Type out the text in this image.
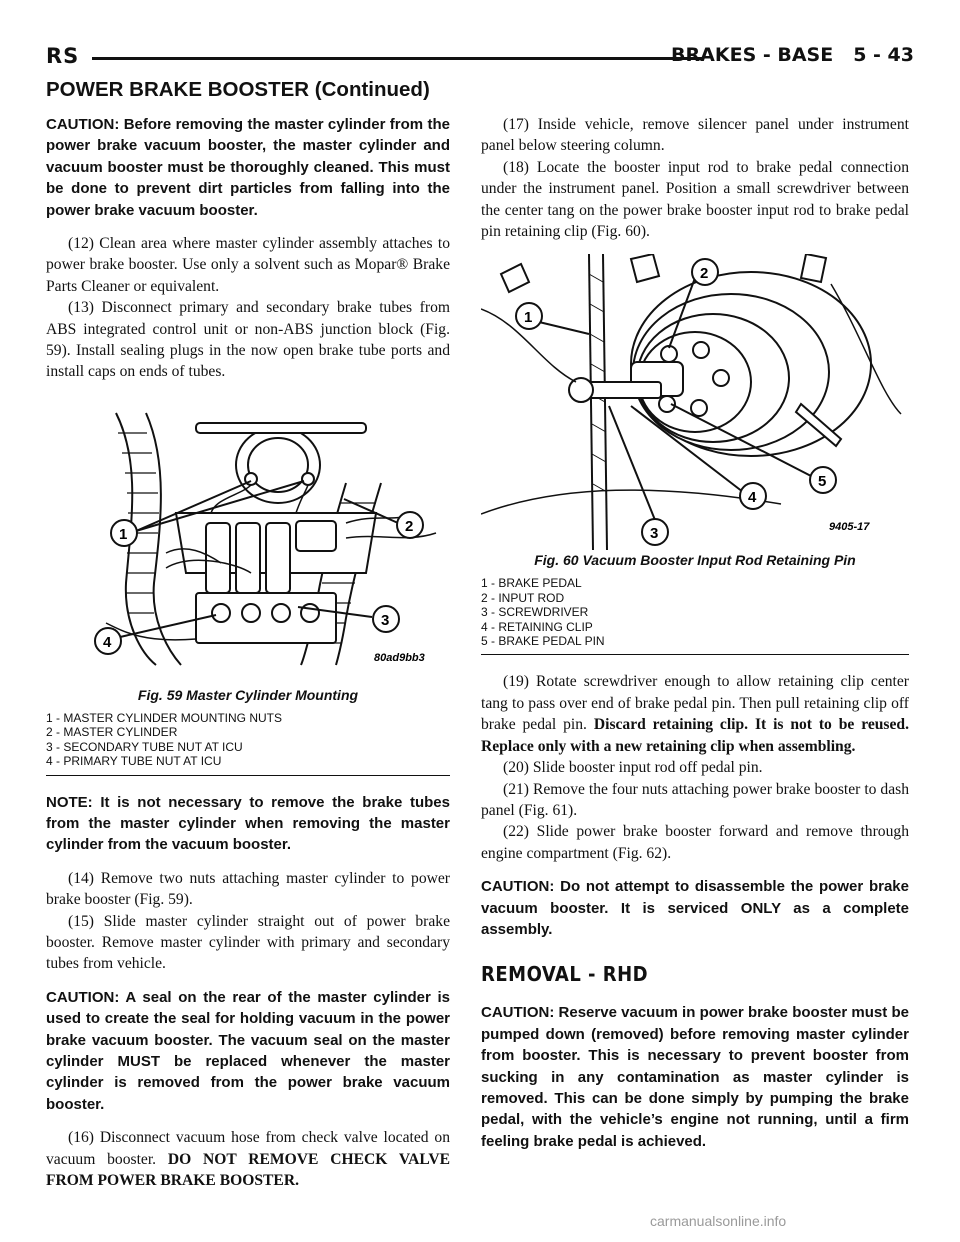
RS	BRAKES - BASE 5 - 43
POWER BRAKE BOOSTER (Continued)

CAUTION: Before removing the master cylinder from the power brake vacuum booster, the master cylinder and vacuum booster must be thoroughly cleaned. This must be done to prevent dirt particles from falling into the power brake vacuum booster.

(12) Clean area where master cylinder assembly attaches to power brake booster. Use only a solvent such as Mopar® Brake Parts Cleaner or equivalent.

(13) Disconnect primary and secondary brake tubes from ABS integrated control unit or non-ABS junction block (Fig. 59). Install sealing plugs in the now open brake tube ports and install caps on ends of tubes.

1	2
3
4
80ad9bb3
Fig. 59 Master Cylinder Mounting

1 - MASTER CYLINDER MOUNTING NUTS

2 - MASTER CYLINDER

3 - SECONDARY TUBE NUT AT ICU

4 - PRIMARY TUBE NUT AT ICU

NOTE: It is not necessary to remove the brake tubes from the master cylinder when removing the master cylinder from the vacuum booster.

(14) Remove two nuts attaching master cylinder to power brake booster (Fig. 59).

(15) Slide master cylinder straight out of power brake booster. Remove master cylinder with primary and secondary tubes from vehicle.

CAUTION: A seal on the rear of the master cylinder is used to create the seal for holding vacuum in the power brake vacuum booster. The vacuum seal on the master cylinder MUST be replaced whenever the master cylinder is removed from the power brake vacuum booster.

(16) Disconnect vacuum hose from check valve located on vacuum booster. DO NOT REMOVE CHECK VALVE FROM POWER BRAKE BOOSTER.

(17) Inside vehicle, remove silencer panel under instrument panel below steering column.

(18) Locate the booster input rod to brake pedal connection under the instrument panel. Position a small screwdriver between the center tang on the power brake booster input rod to brake pedal pin retaining clip (Fig. 60).

1
2
3
4
5
9405-17
Fig. 60 Vacuum Booster Input Rod Retaining Pin

1 - BRAKE PEDAL

2 - INPUT ROD

3 - SCREWDRIVER

4 - RETAINING CLIP

5 - BRAKE PEDAL PIN

(19) Rotate screwdriver enough to allow retaining clip center tang to pass over end of brake pedal pin. Then pull retaining clip off brake pedal pin. Discard retaining clip. It is not to be reused. Replace only with a new retaining clip when assembling.

(20) Slide booster input rod off pedal pin.

(21) Remove the four nuts attaching power brake booster to dash panel (Fig. 61).

(22) Slide power brake booster forward and remove through engine compartment (Fig. 62).

CAUTION: Do not attempt to disassemble the power brake vacuum booster. It is serviced ONLY as a complete assembly.

REMOVAL - RHD

CAUTION: Reserve vacuum in power brake booster must be pumped down (removed) before removing master cylinder from booster. This is necessary to prevent booster from sucking in any contamination as master cylinder is removed. This can be done simply by pumping the brake pedal, with the vehicle’s engine not running, until a firm feeling brake pedal is achieved.

carmanualsonline.info
